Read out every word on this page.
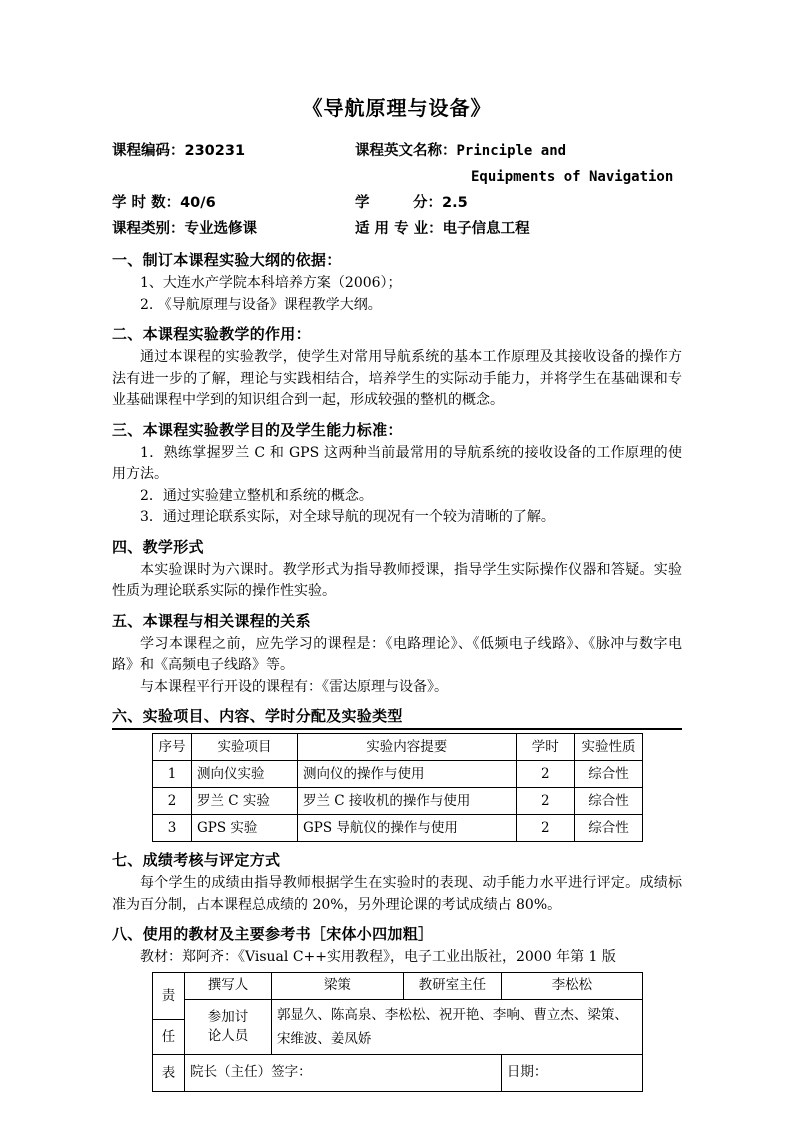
《导航原理与设备》
课程编码：230231	课程英文名称：Principle and
Equipments of Navigation
学 时 数：40/6	学　　　分：2.5
课程类别：专业选修课	适 用 专 业：电子信息工程
一、制订本课程实验大纲的依据：

1、大连水产学院本科培养方案（2006）；

2. 《导航原理与设备》课程教学大纲。

二、本课程实验教学的作用：

通过本课程的实验教学，使学生对常用导航系统的基本工作原理及其接收设备的操作方法有进一步的了解，理论与实践相结合，培养学生的实际动手能力，并将学生在基础课和专业基础课程中学到的知识组合到一起，形成较强的整机的概念。

三、本课程实验教学目的及学生能力标准：

1．熟练掌握罗兰 C 和 GPS 这两种当前最常用的导航系统的接收设备的工作原理的使用方法。

2．通过实验建立整机和系统的概念。

3．通过理论联系实际，对全球导航的现况有一个较为清晰的了解。

四、教学形式

本实验课时为六课时。教学形式为指导教师授课，指导学生实际操作仪器和答疑。实验性质为理论联系实际的操作性实验。

五、本课程与相关课程的关系

学习本课程之前，应先学习的课程是：《电路理论》、《低频电子线路》、《脉冲与数字电路》和《高频电子线路》等。

与本课程平行开设的课程有：《雷达原理与设备》。

六、实验项目、内容、学时分配及实验类型
序号	实验项目	实验内容提要	学时	实验性质
1	测向仪实验	测向仪的操作与使用	2	综合性
2	罗兰 C 实验	罗兰 C 接收机的操作与使用	2	综合性
3	GPS 实验	GPS 导航仪的操作与使用	2	综合性
七、成绩考核与评定方式

每个学生的成绩由指导教师根据学生在实验时的表现、动手能力水平进行评定。成绩标准为百分制，占本课程总成绩的 20%，另外理论课的考试成绩占 80%。

八、使用的教材及主要参考书［宋体小四加粗］

教材：郑阿齐：《Visual C++实用教程》，电子工业出版社，2000 年第 1 版

责	撰写人	梁策	教研室主任	李松松
	参加讨
论人员	郭显久、陈高泉、李松松、祝开艳、李响、曹立杰、梁策、宋维波、姜凤娇		
任				
表	院长（主任）签字：			日期：
